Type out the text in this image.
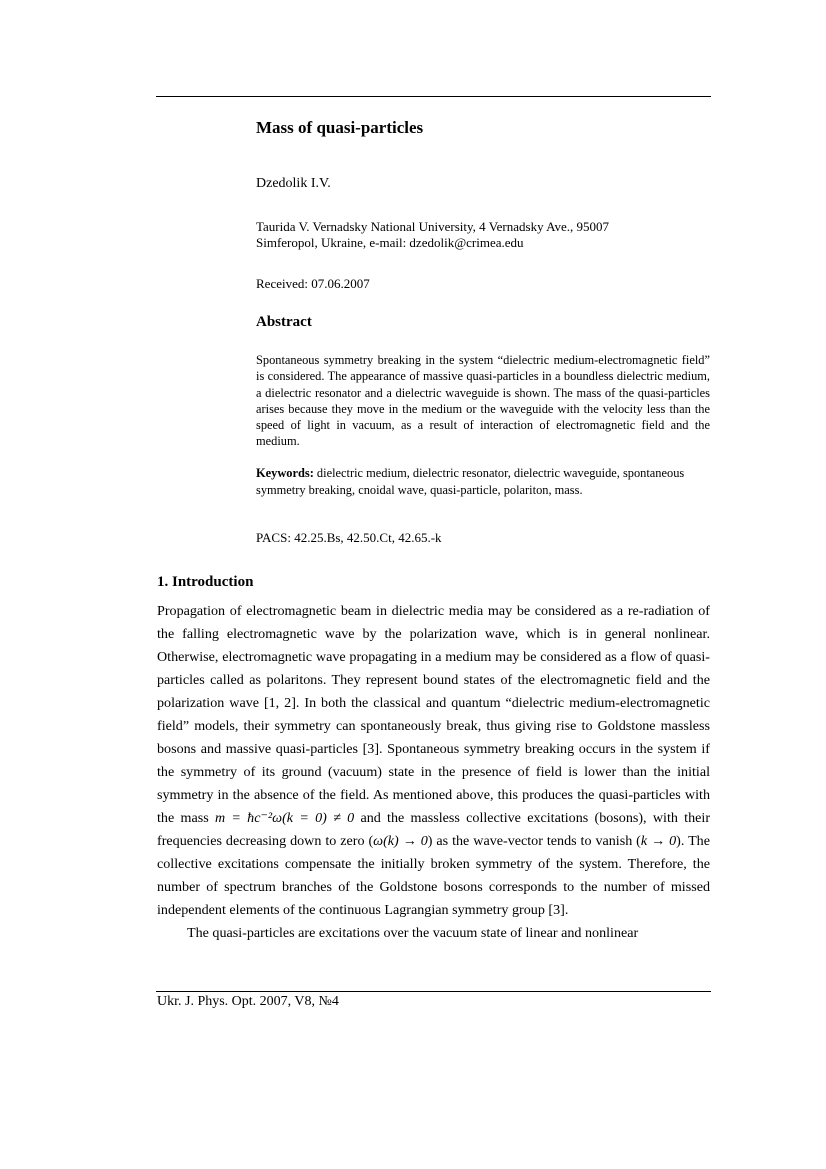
Mass of quasi-particles
Dzedolik I.V.
Taurida V. Vernadsky National University, 4 Vernadsky Ave., 95007
Simferopol, Ukraine, e-mail: dzedolik@crimea.edu
Received: 07.06.2007
Abstract
Spontaneous symmetry breaking in the system “dielectric medium-electromagnetic field” is considered. The appearance of massive quasi-particles in a boundless dielectric medium, a dielectric resonator and a dielectric waveguide is shown. The mass of the quasi-particles arises because they move in the medium or the waveguide with the velocity less than the speed of light in vacuum, as a result of interaction of electromagnetic field and the medium.
Keywords: dielectric medium, dielectric resonator, dielectric waveguide, spontaneous symmetry breaking, cnoidal wave, quasi-particle, polariton, mass.
PACS: 42.25.Bs, 42.50.Ct, 42.65.-k
1. Introduction

Propagation of electromagnetic beam in dielectric media may be considered as a re-radiation of the falling electromagnetic wave by the polarization wave, which is in general nonlinear. Otherwise, electromagnetic wave propagating in a medium may be considered as a flow of quasi-particles called as polaritons. They represent bound states of the electromagnetic field and the polarization wave [1, 2]. In both the classical and quantum “dielectric medium-electromagnetic field” models, their symmetry can spontaneously break, thus giving rise to Goldstone massless bosons and massive quasi-particles [3]. Spontaneous symmetry breaking occurs in the system if the symmetry of its ground (vacuum) state in the presence of field is lower than the initial symmetry in the absence of the field. As mentioned above, this produces the quasi-particles with the mass m = ħc⁻²ω(k = 0) ≠ 0 and the massless collective excitations (bosons), with their frequencies decreasing down to zero (ω(k) → 0) as the wave-vector tends to vanish (k → 0). The collective excitations compensate the initially broken symmetry of the system. Therefore, the number of spectrum branches of the Goldstone bosons corresponds to the number of missed independent elements of the continuous Lagrangian symmetry group [3].

The quasi-particles are excitations over the vacuum state of linear and nonlinear

Ukr. J. Phys. Opt. 2007, V8, №4
